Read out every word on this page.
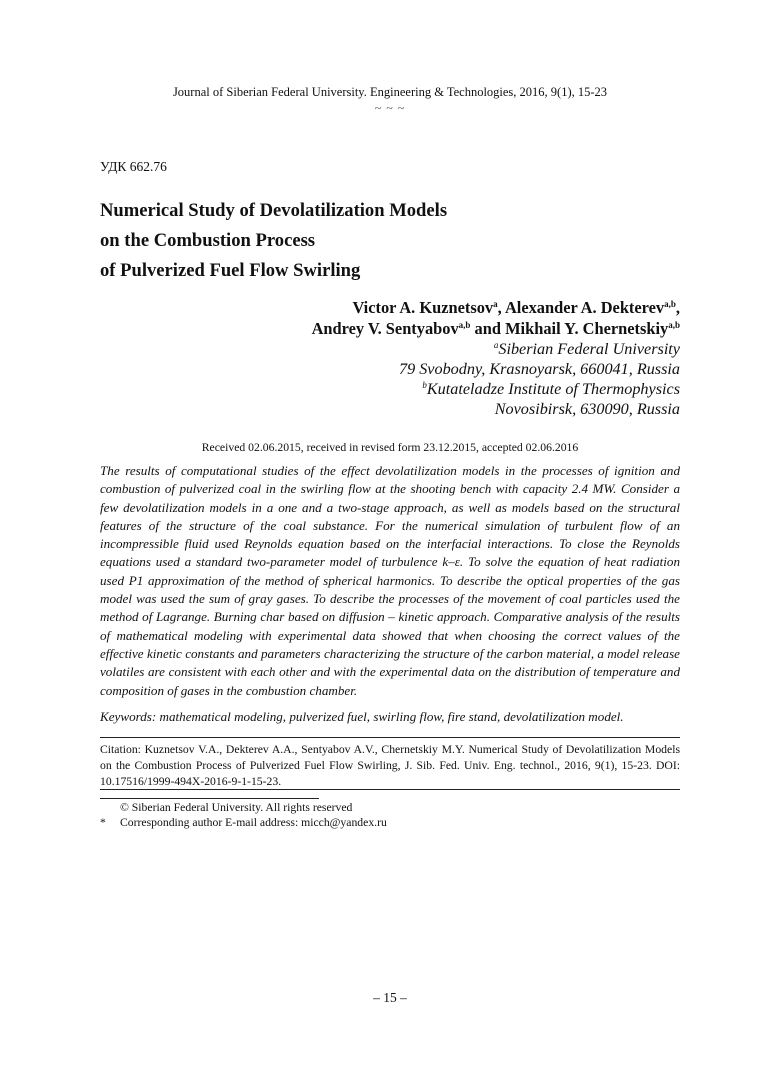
Journal of Siberian Federal University. Engineering & Technologies, 2016, 9(1), 15-23
~ ~ ~
УДК 662.76
Numerical Study of Devolatilization Models
on the Combustion Process
of Pulverized Fuel Flow Swirling
Victor A. Kuznetsov$^a$, Alexander A. Dekterev$^{a,b}$,
Andrey V. Sentyabov$^{a,b}$ and Mikhail Y. Chernetskiy$^{a,b}$
$^a$Siberian Federal University
79 Svobodny, Krasnoyarsk, 660041, Russia
$^b$Kutateladze Institute of Thermophysics
Novosibirsk, 630090, Russia
Received 02.06.2015, received in revised form 23.12.2015, accepted 02.06.2016
The results of computational studies of the effect devolatilization models in the processes of ignition and combustion of pulverized coal in the swirling flow at the shooting bench with capacity 2.4 MW. Consider a few devolatilization models in a one and a two-stage approach, as well as models based on the structural features of the structure of the coal substance. For the numerical simulation of turbulent flow of an incompressible fluid used Reynolds equation based on the interfacial interactions. To close the Reynolds equations used a standard two-parameter model of turbulence k–ε. To solve the equation of heat radiation used P1 approximation of the method of spherical harmonics. To describe the optical properties of the gas model was used the sum of gray gases. To describe the processes of the movement of coal particles used the method of Lagrange. Burning char based on diffusion – kinetic approach. Comparative analysis of the results of mathematical modeling with experimental data showed that when choosing the correct values of the effective kinetic constants and parameters characterizing the structure of the carbon material, a model release volatiles are consistent with each other and with the experimental data on the distribution of temperature and composition of gases in the combustion chamber.
Keywords: mathematical modeling, pulverized fuel, swirling flow, fire stand, devolatilization model.
Citation: Kuznetsov V.A., Dekterev A.A., Sentyabov A.V., Chernetskiy M.Y. Numerical Study of Devolatilization Models on the Combustion Process of Pulverized Fuel Flow Swirling, J. Sib. Fed. Univ. Eng. technol., 2016, 9(1), 15-23. DOI: 10.17516/1999-494X-2016-9-1-15-23.
© Siberian Federal University. All rights reserved
* Corresponding author E-mail address: micch@yandex.ru
– 15 –
